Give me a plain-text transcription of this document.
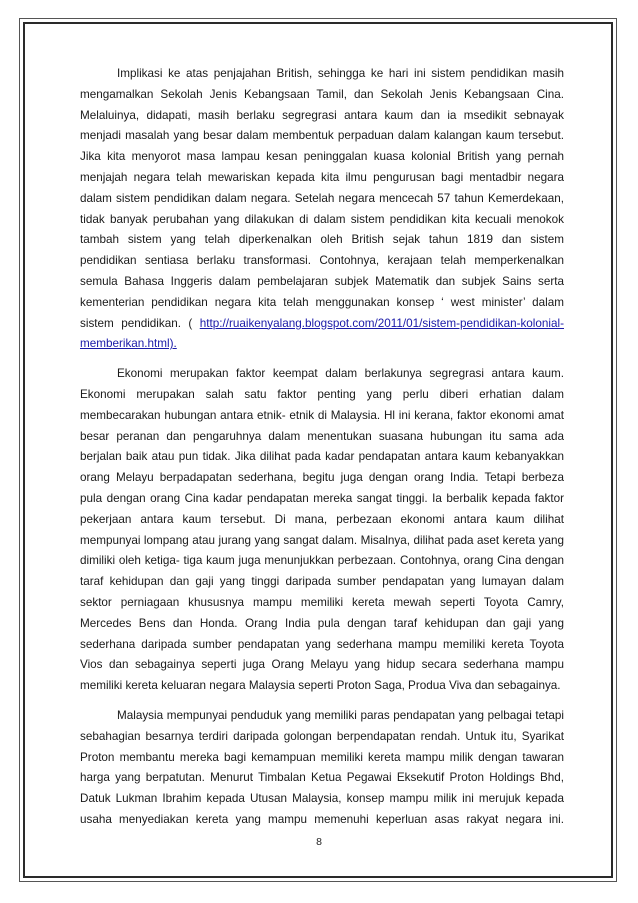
Implikasi ke atas penjajahan British, sehingga ke hari ini sistem pendidikan masih
mengamalkan Sekolah Jenis Kebangsaan Tamil, dan Sekolah Jenis Kebangsaan Cina.
Melaluinya, didapati, masih berlaku segregrasi antara kaum dan ia msedikit sebnayak
menjadi masalah yang besar dalam membentuk perpaduan dalam kalangan kaum tersebut.
Jika kita menyorot masa lampau kesan peninggalan kuasa kolonial British yang pernah
menjajah negara telah mewariskan kepada kita ilmu pengurusan bagi mentadbir negara
dalam sistem pendidikan dalam negara. Setelah negara mencecah 57 tahun Kemerdekaan,
tidak banyak perubahan yang dilakukan di dalam sistem pendidikan kita kecuali menokok
tambah sistem yang telah diperkenalkan oleh British sejak tahun 1819 dan sistem
pendidikan sentiasa berlaku transformasi. Contohnya, kerajaan telah memperkenalkan
semula Bahasa Inggeris dalam pembelajaran subjek Matematik dan subjek Sains serta
kementerian pendidikan negara kita telah menggunakan konsep ‘ west minister’ dalam
sistem pendidikan. ( http://ruaikenyalang.blogspot.com/2011/01/sistem-pendidikan-kolonial-
memberikan.html).
Ekonomi merupakan faktor keempat dalam berlakunya segregrasi antara kaum.
Ekonomi merupakan salah satu faktor penting yang perlu diberi erhatian dalam
membecarakan hubungan antara etnik- etnik di Malaysia. Hl ini kerana, faktor ekonomi amat
besar peranan dan pengaruhnya dalam menentukan suasana hubungan itu sama ada
berjalan baik atau pun tidak. Jika dilihat pada kadar pendapatan antara kaum kebanyakkan
orang Melayu berpadapatan sederhana, begitu juga dengan orang India. Tetapi berbeza
pula dengan orang Cina kadar pendapatan mereka sangat tinggi. Ia berbalik kepada faktor
pekerjaan antara kaum tersebut. Di mana, perbezaan ekonomi antara kaum dilihat
mempunyai lompang atau jurang yang sangat dalam. Misalnya, dilihat pada aset kereta yang
dimiliki oleh ketiga- tiga kaum juga menunjukkan perbezaan. Contohnya, orang Cina dengan
taraf kehidupan dan gaji yang tinggi daripada sumber pendapatan yang lumayan dalam
sektor perniagaan khususnya mampu memiliki kereta mewah seperti Toyota Camry,
Mercedes Bens dan Honda. Orang India pula dengan taraf kehidupan dan gaji yang
sederhana daripada sumber pendapatan yang sederhana mampu memiliki kereta Toyota
Vios dan sebagainya seperti juga Orang Melayu yang hidup secara sederhana mampu
memiliki kereta keluaran negara Malaysia seperti Proton Saga, Produa Viva dan sebagainya.
Malaysia mempunyai penduduk yang memiliki paras pendapatan yang pelbagai tetapi
sebahagian besarnya terdiri daripada golongan berpendapatan rendah. Untuk itu, Syarikat
Proton membantu mereka bagi kemampuan memiliki kereta mampu milik dengan tawaran
harga yang berpatutan. Menurut Timbalan Ketua Pegawai Eksekutif Proton Holdings Bhd,
Datuk Lukman Ibrahim kepada Utusan Malaysia, konsep mampu milik ini merujuk kepada
usaha menyediakan kereta yang mampu memenuhi keperluan asas rakyat negara ini.
8
